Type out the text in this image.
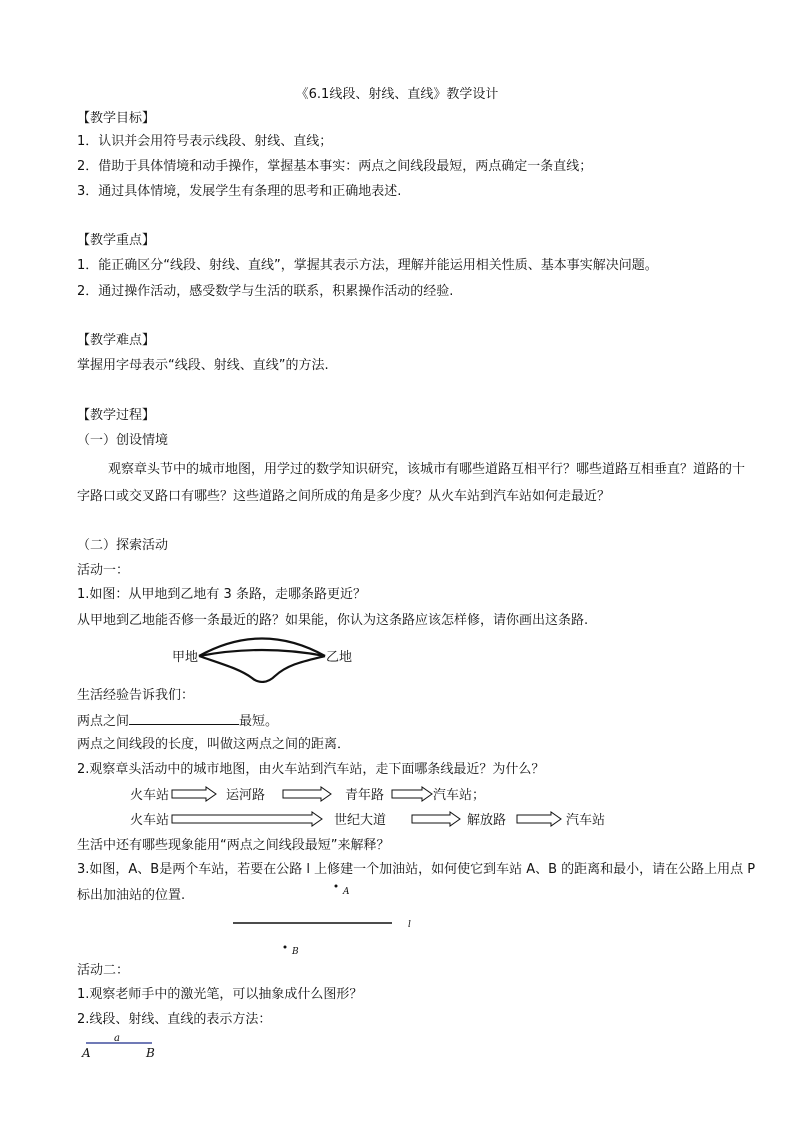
《6.1线段、射线、直线》教学设计
【教学目标】
1．认识并会用符号表示线段、射线、直线；
2．借助于具体情境和动手操作，掌握基本事实：两点之间线段最短，两点确定一条直线；
3．通过具体情境，发展学生有条理的思考和正确地表述.
【教学重点】
1．能正确区分“线段、射线、直线”，掌握其表示方法，理解并能运用相关性质、基本事实解决问题。
2．通过操作活动，感受数学与生活的联系，积累操作活动的经验.
【教学难点】
掌握用字母表示“线段、射线、直线”的方法.
【教学过程】
（一）创设情境
观察章头节中的城市地图，用学过的数学知识研究，该城市有哪些道路互相平行？哪些道路互相垂直？道路的十
字路口或交叉路口有哪些？这些道路之间所成的角是多少度？从火车站到汽车站如何走最近？
（二）探索活动
活动一：
1.如图：从甲地到乙地有 3 条路，走哪条路更近？
从甲地到乙地能否修一条最近的路？如果能，你认为这条路应该怎样修，请你画出这条路.
甲地	乙地
生活经验告诉我们：
两点之间	最短。
两点之间线段的长度，叫做这两点之间的距离．
2.观察章头活动中的城市地图，由火车站到汽车站，走下面哪条线最近？为什么？
火车站	运河路	青年路	汽车站；
火车站	世纪大道	解放路	汽车站
生活中还有哪些现象能用“两点之间线段最短”来解释？
3.如图，A、B是两个车站，若要在公路 l 上修建一个加油站，如何使它到车站 A、B 的距离和最小，请在公路上用点 P
标出加油站的位置.	A
B
l
活动二：
1.观察老师手中的激光笔，可以抽象成什么图形？
2.线段、射线、直线的表示方法：
a
A	B
